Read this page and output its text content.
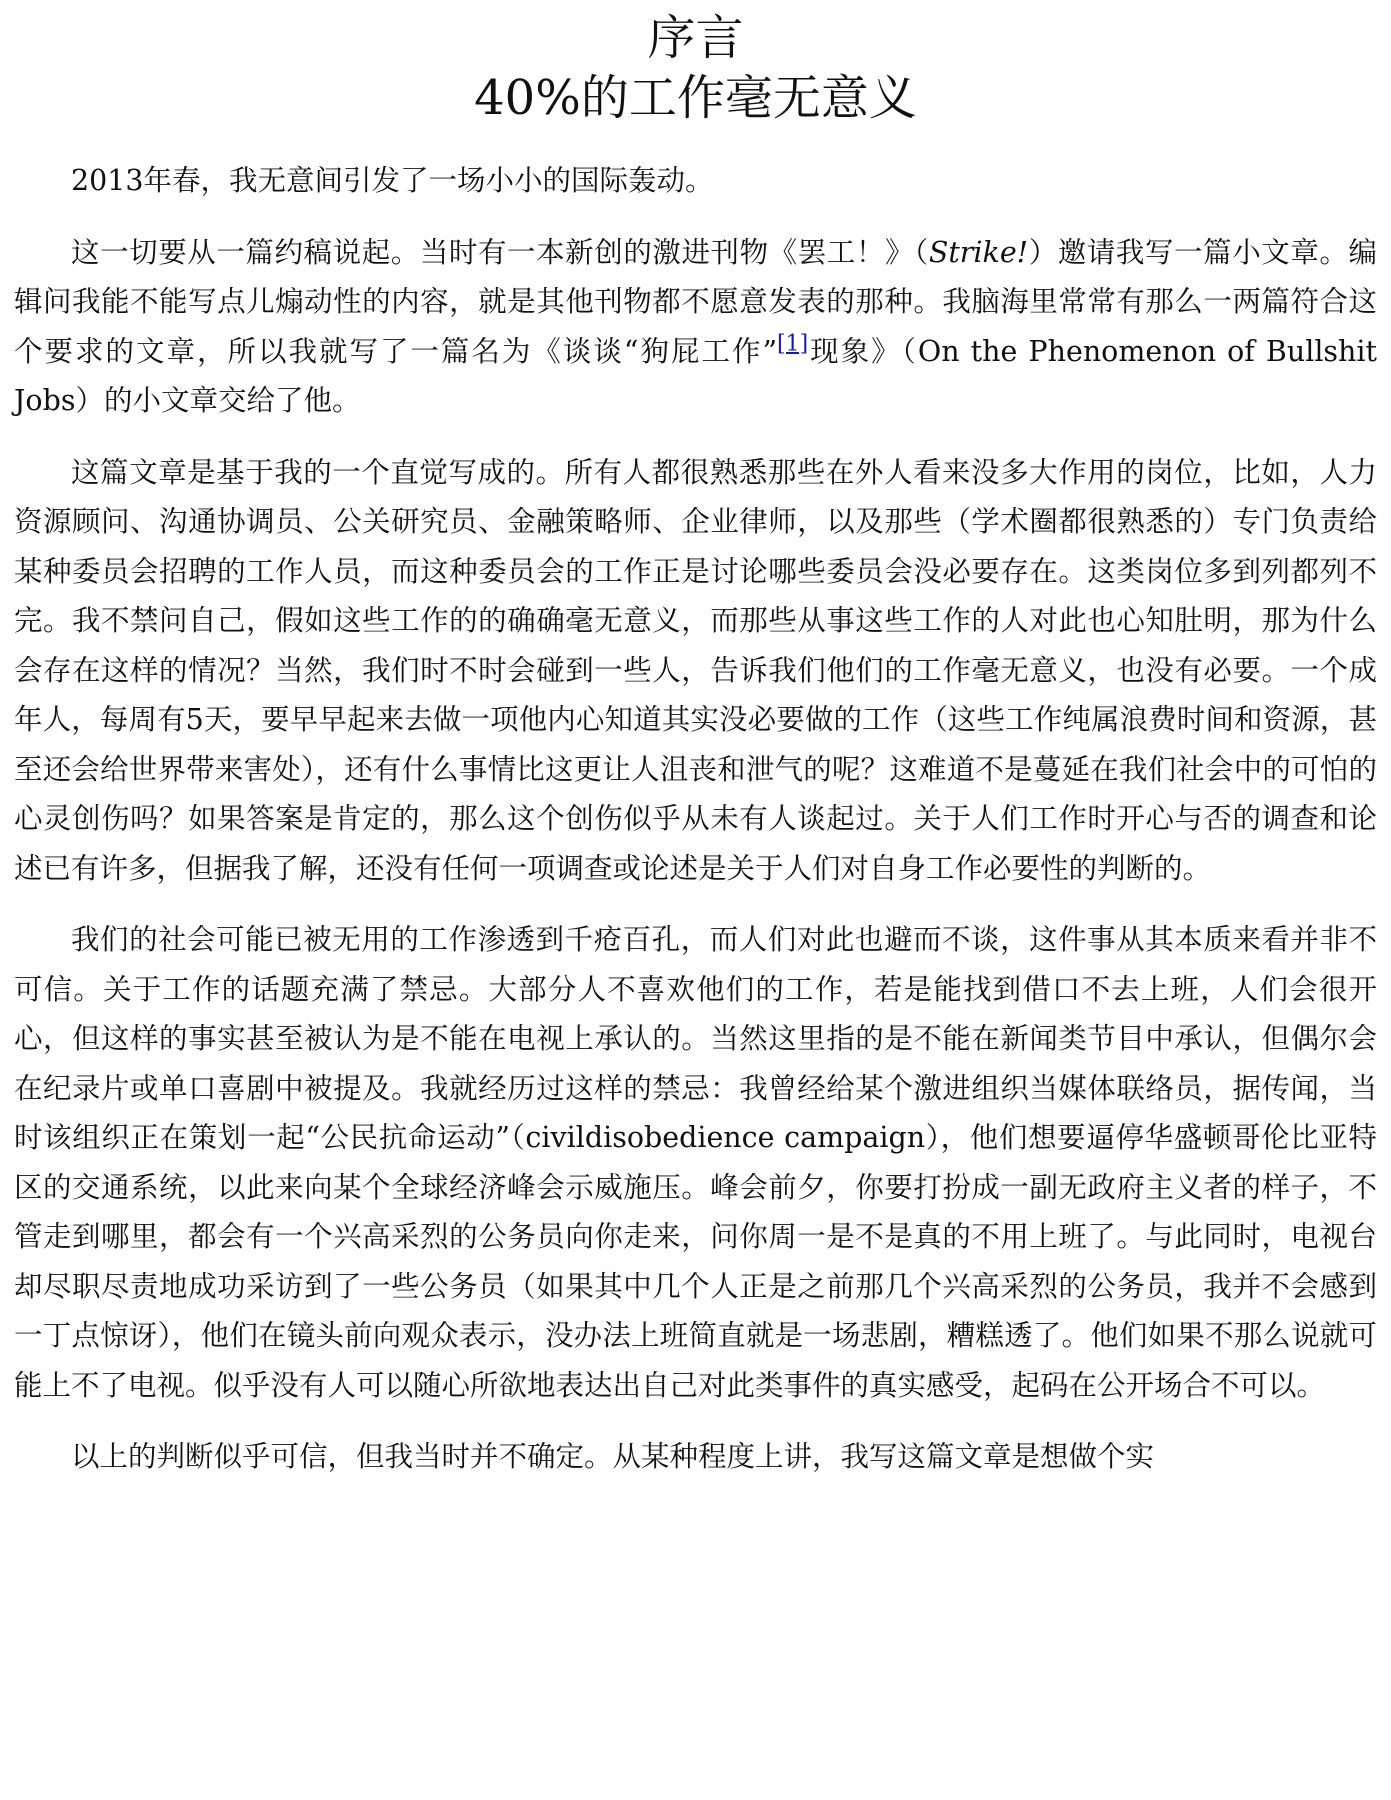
序言
40%的工作毫无意义

2013年春，我无意间引发了一场小小的国际轰动。

这一切要从一篇约稿说起。当时有一本新创的激进刊物《罢工！》（Strike!）邀请我写一篇小文章。编辑问我能不能写点儿煽动性的内容，就是其他刊物都不愿意发表的那种。我脑海里常常有那么一两篇符合这个要求的文章，所以我就写了一篇名为《谈谈“狗屁工作”[1]现象》（On the Phenomenon of Bullshit Jobs）的小文章交给了他。

这篇文章是基于我的一个直觉写成的。所有人都很熟悉那些在外人看来没多大作用的岗位，比如，人力资源顾问、沟通协调员、公关研究员、金融策略师、企业律师，以及那些（学术圈都很熟悉的）专门负责给某种委员会招聘的工作人员，而这种委员会的工作正是讨论哪些委员会没必要存在。这类岗位多到列都列不完。我不禁问自己，假如这些工作的的确确毫无意义，而那些从事这些工作的人对此也心知肚明，那为什么会存在这样的情况？当然，我们时不时会碰到一些人，告诉我们他们的工作毫无意义，也没有必要。一个成年人，每周有5天，要早早起来去做一项他内心知道其实没必要做的工作（这些工作纯属浪费时间和资源，甚至还会给世界带来害处），还有什么事情比这更让人沮丧和泄气的呢？这难道不是蔓延在我们社会中的可怕的心灵创伤吗？如果答案是肯定的，那么这个创伤似乎从未有人谈起过。关于人们工作时开心与否的调查和论述已有许多，但据我了解，还没有任何一项调查或论述是关于人们对自身工作必要性的判断的。

我们的社会可能已被无用的工作渗透到千疮百孔，而人们对此也避而不谈，这件事从其本质来看并非不可信。关于工作的话题充满了禁忌。大部分人不喜欢他们的工作，若是能找到借口不去上班，人们会很开心，但这样的事实甚至被认为是不能在电视上承认的。当然这里指的是不能在新闻类节目中承认，但偶尔会在纪录片或单口喜剧中被提及。我就经历过这样的禁忌：我曾经给某个激进组织当媒体联络员，据传闻，当时该组织正在策划一起“公民抗命运动”（civildisobedience campaign），他们想要逼停华盛顿哥伦比亚特区的交通系统，以此来向某个全球经济峰会示威施压。峰会前夕，你要打扮成一副无政府主义者的样子，不管走到哪里，都会有一个兴高采烈的公务员向你走来，问你周一是不是真的不用上班了。与此同时，电视台却尽职尽责地成功采访到了一些公务员（如果其中几个人正是之前那几个兴高采烈的公务员，我并不会感到一丁点惊讶），他们在镜头前向观众表示，没办法上班简直就是一场悲剧，糟糕透了。他们如果不那么说就可能上不了电视。似乎没有人可以随心所欲地表达出自己对此类事件的真实感受，起码在公开场合不可以。

以上的判断似乎可信，但我当时并不确定。从某种程度上讲，我写这篇文章是想做个实
